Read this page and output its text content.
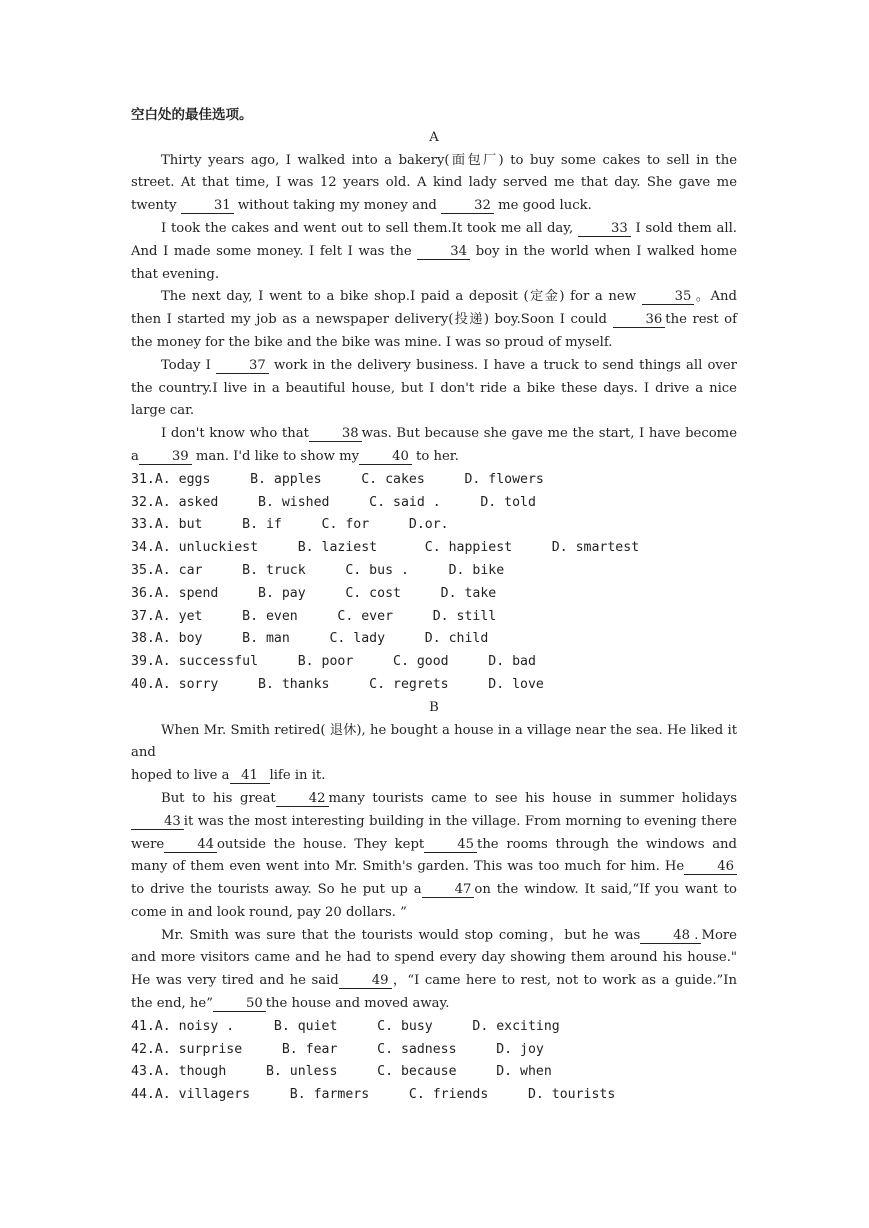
空白处的最佳选项。
A
Thirty years ago, I walked into a bakery(面包厂) to buy some cakes to sell in the street. At that time, I was 12 years old. A kind lady served me that day. She gave me twenty	31 without taking my money and	32 me good luck.
I took the cakes and went out to sell them.It took me all day,	33 I sold them all. And I made some money. I felt I was the	34 boy in the world when I walked home that evening.
The next day, I went to a bike shop.I paid a deposit (定金) for a new	35 。And then I started my job as a newspaper delivery(投递) boy.Soon I could	36 the rest of the money for the bike and the bike was mine. I was so proud of myself.
Today I	37 work in the delivery business. I have a truck to send things all over the country.I live in a beautiful house, but I don't ride a bike these days. I drive a nice large car.
I don't know who that	38 was. But because she gave me the start, I have become a	39 man. I'd like to show my	40 to her.
31.A. eggs     B. apples     C. cakes     D. flowers
32.A. asked     B. wished     C. said .     D. told
33.A. but     B. if     C. for     D.or.
34.A. unluckiest     B. laziest      C. happiest     D. smartest
35.A. car     B. truck     C. bus .     D. bike
36.A. spend     B. pay     C. cost     D. take
37.A. yet     B. even     C. ever     D. still
38.A. boy     B. man     C. lady     D. child
39.A. successful     B. poor     C. good     D. bad
40.A. sorry     B. thanks     C. regrets     D. love
B
When Mr. Smith retired( 退休), he bought a house in a village near the sea. He liked it and
hoped to live a 41 life in it.
But to his great	42 many tourists came to see his house in summer holidays 43 it was the most interesting building in the village. From morning to evening there were	44 outside the house. They kept	45 the rooms through the windows and many of them even went into Mr. Smith's garden. This was too much for him. He	46 to drive the tourists away. So he put up a	47 on the window. It said,“If you want to come in and look round, pay 20 dollars. ”
Mr. Smith was sure that the tourists would stop coming，but he was	48 . More and more visitors came and he had to spend every day showing them around his house." He was very tired and he said	49 ，“I came here to rest, not to work as a guide.”In the end, he”	50 the house and moved away.
41.A. noisy .     B. quiet     C. busy     D. exciting
42.A. surprise     B. fear     C. sadness     D. joy
43.A. though     B. unless     C. because     D. when
44.A. villagers     B. farmers     C. friends     D. tourists
